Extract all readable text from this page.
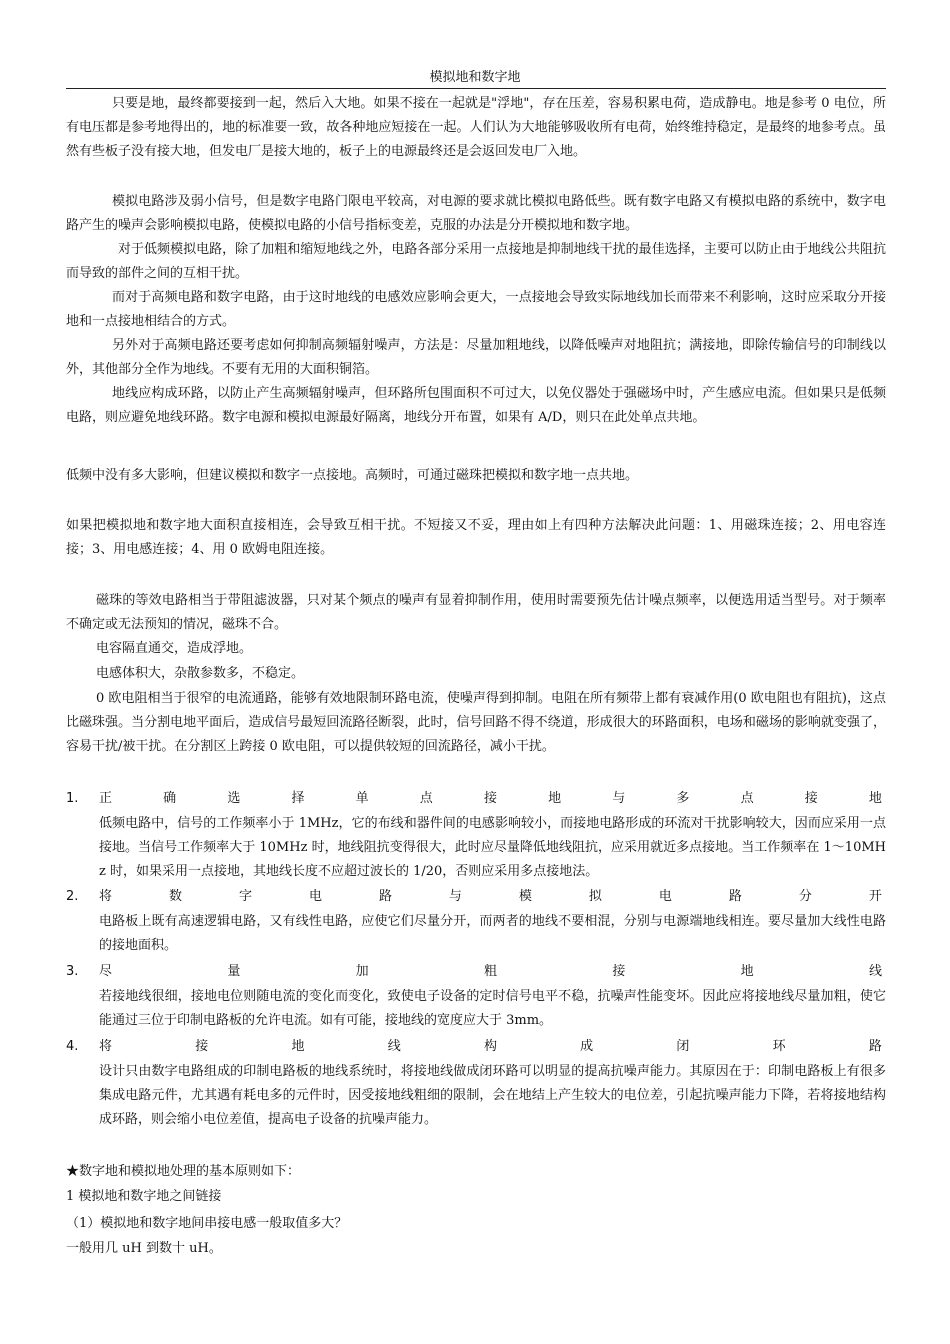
模拟地和数字地
只要是地，最终都要接到一起，然后入大地。如果不接在一起就是"浮地"，存在压差，容易积累电荷，造成静电。地是参考 0 电位，所有电压都是参考地得出的，地的标准要一致，故各种地应短接在一起。人们认为大地能够吸收所有电荷，始终维持稳定，是最终的地参考点。虽然有些板子没有接大地，但发电厂是接大地的，板子上的电源最终还是会返回发电厂入地。
模拟电路涉及弱小信号，但是数字电路门限电平较高，对电源的要求就比模拟电路低些。既有数字电路又有模拟电路的系统中，数字电路产生的噪声会影响模拟电路，使模拟电路的小信号指标变差，克服的办法是分开模拟地和数字地。
对于低频模拟电路，除了加粗和缩短地线之外，电路各部分采用一点接地是抑制地线干扰的最佳选择，主要可以防止由于地线公共阻抗而导致的部件之间的互相干扰。
而对于高频电路和数字电路，由于这时地线的电感效应影响会更大，一点接地会导致实际地线加长而带来不利影响，这时应采取分开接地和一点接地相结合的方式。
另外对于高频电路还要考虑如何抑制高频辐射噪声，方法是：尽量加粗地线，以降低噪声对地阻抗；满接地，即除传输信号的印制线以外，其他部分全作为地线。不要有无用的大面积铜箔。
地线应构成环路，以防止产生高频辐射噪声，但环路所包围面积不可过大，以免仪器处于强磁场中时，产生感应电流。但如果只是低频电路，则应避免地线环路。数字电源和模拟电源最好隔离，地线分开布置，如果有 A/D，则只在此处单点共地。
低频中没有多大影响，但建议模拟和数字一点接地。高频时，可通过磁珠把模拟和数字地一点共地。
如果把模拟地和数字地大面积直接相连，会导致互相干扰。不短接又不妥，理由如上有四种方法解决此问题：1、用磁珠连接；2、用电容连接；3、用电感连接；4、用 0 欧姆电阻连接。
磁珠的等效电路相当于带阻滤波器，只对某个频点的噪声有显着抑制作用，使用时需要预先估计噪点频率，以便选用适当型号。对于频率不确定或无法预知的情况，磁珠不合。
电容隔直通交，造成浮地。
电感体积大，杂散参数多，不稳定。
0 欧电阻相当于很窄的电流通路，能够有效地限制环路电流，使噪声得到抑制。电阻在所有频带上都有衰减作用(0 欧电阻也有阻抗)，这点比磁珠强。当分割电地平面后，造成信号最短回流路径断裂，此时，信号回路不得不绕道，形成很大的环路面积，电场和磁场的影响就变强了，容易干扰/被干扰。在分割区上跨接 0 欧电阻，可以提供较短的回流路径，减小干扰。
1. 正	确	选	择	单	点	接	地	与	多	点	接	地
低频电路中，信号的工作频率小于 1MHz，它的布线和器件间的电感影响较小，而接地电路形成的环流对干扰影响较大，因而应采用一点接地。当信号工作频率大于 10MHz 时，地线阻抗变得很大，此时应尽量降低地线阻抗，应采用就近多点接地。当工作频率在 1～10MHz 时，如果采用一点接地，其地线长度不应超过波长的 1/20，否则应采用多点接地法。
2. 将	数	字	电	路	与	模	拟	电	路	分	开
电路板上既有高速逻辑电路，又有线性电路，应使它们尽量分开，而两者的地线不要相混，分别与电源端地线相连。要尽量加大线性电路的接地面积。
3. 尽	量	加	粗	接	地	线
若接地线很细，接地电位则随电流的变化而变化，致使电子设备的定时信号电平不稳，抗噪声性能变坏。因此应将接地线尽量加粗，使它能通过三位于印制电路板的允许电流。如有可能，接地线的宽度应大于 3mm。
4. 将	接	地	线	构	成	闭	环	路
设计只由数字电路组成的印制电路板的地线系统时，将接地线做成闭环路可以明显的提高抗噪声能力。其原因在于：印制电路板上有很多集成电路元件，尤其遇有耗电多的元件时，因受接地线粗细的限制，会在地结上产生较大的电位差，引起抗噪声能力下降，若将接地结构成环路，则会缩小电位差值，提高电子设备的抗噪声能力。
★数字地和模拟地处理的基本原则如下：
1 模拟地和数字地之间链接
（1）模拟地和数字地间串接电感一般取值多大？
一般用几 uH 到数十 uH。
